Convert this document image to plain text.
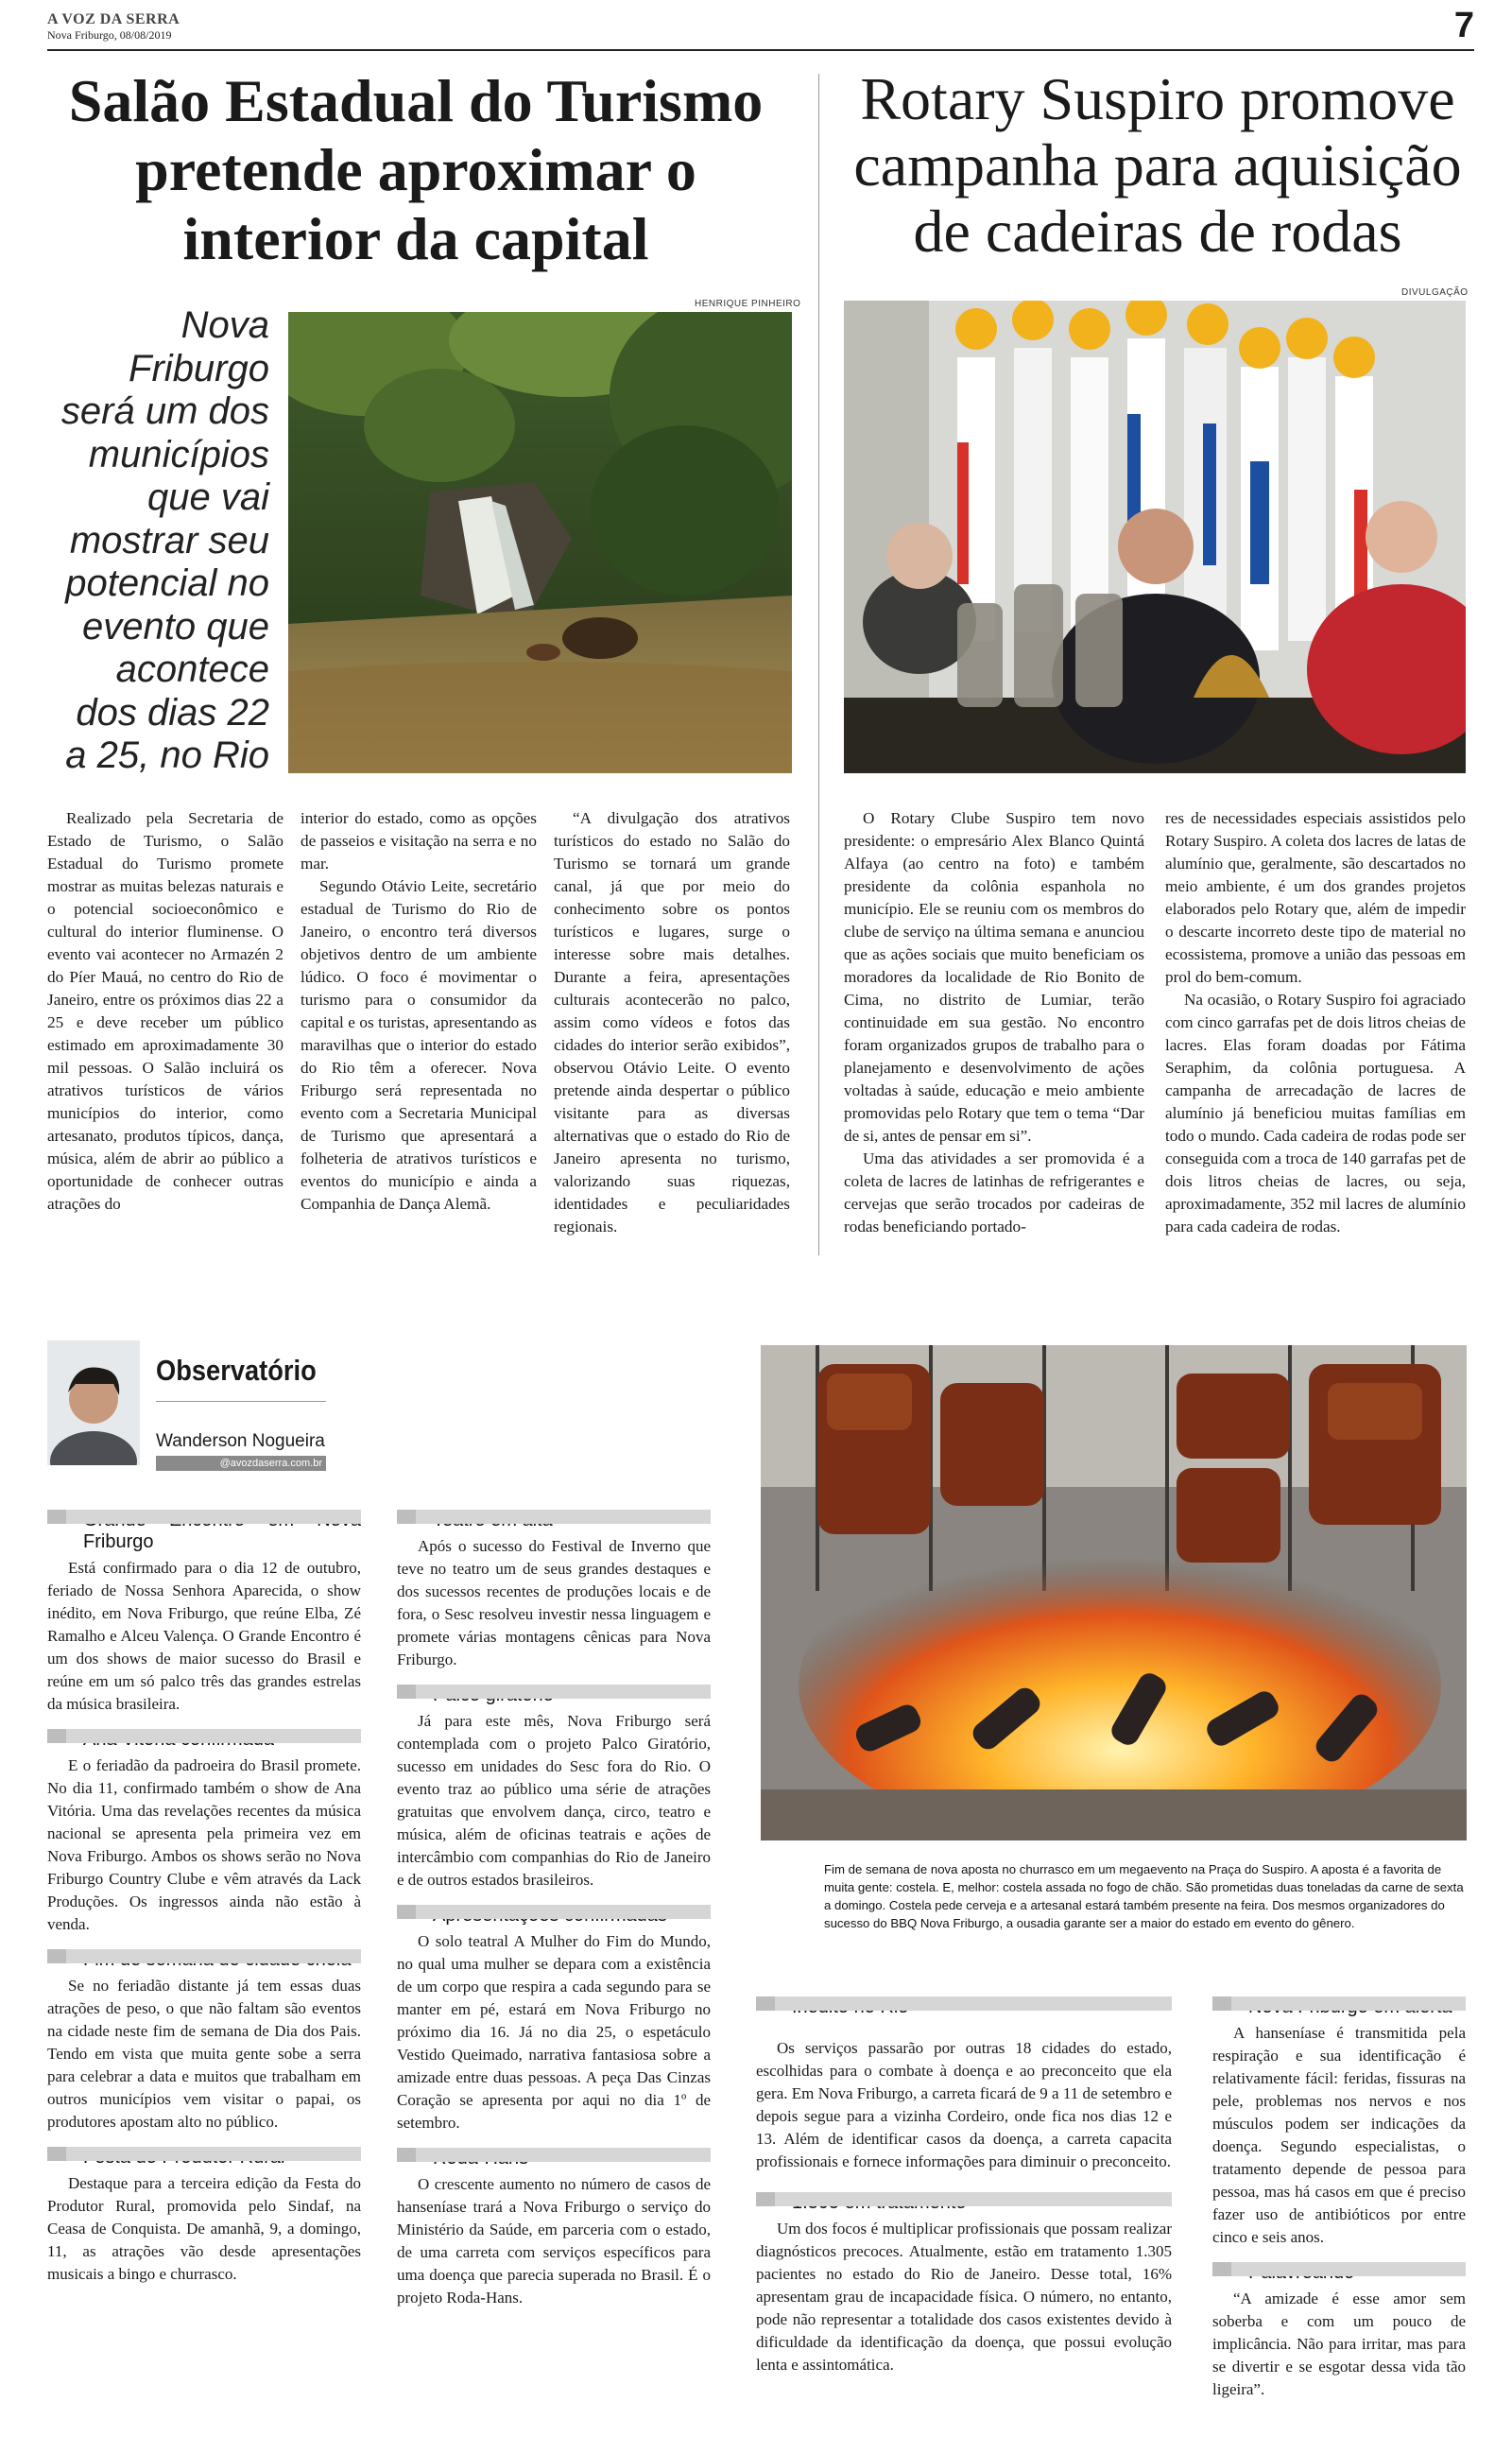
A VOZ DA SERRA
Nova Friburgo, 08/08/2019	7
Salão Estadual do Turismo pretende aproximar o interior da capital
Nova Friburgo será um dos municípios que vai mostrar seu potencial no evento que acontece dos dias 22 a 25, no Rio
HENRIQUE PINHEIRO

Realizado pela Secretaria de Estado de Turismo, o Salão Estadual do Turismo promete mostrar as muitas belezas naturais e o potencial socioeconômico e cultural do interior fluminense. O evento vai acontecer no Armazén 2 do Píer Mauá, no centro do Rio de Janeiro, entre os próximos dias 22 a 25 e deve receber um público estimado em aproximadamente 30 mil pessoas. O Salão incluirá os atrativos turísticos de vários municípios do interior, como artesanato, produtos típicos, dança, música, além de abrir ao público a oportunidade de conhecer outras atrações do

interior do estado, como as opções de passeios e visitação na serra e no mar.

Segundo Otávio Leite, secretário estadual de Turismo do Rio de Janeiro, o encontro terá diversos objetivos dentro de um ambiente lúdico. O foco é movimentar o turismo para o consumidor da capital e os turistas, apresentando as maravilhas que o interior do estado do Rio têm a oferecer. Nova Friburgo será representada no evento com a Secretaria Municipal de Turismo que apresentará a folheteria de atrativos turísticos e eventos do município e ainda a Companhia de Dança Alemã.

“A divulgação dos atrativos turísticos do estado no Salão do Turismo se tornará um grande canal, já que por meio do conhecimento sobre os pontos turísticos e lugares, surge o interesse sobre mais detalhes. Durante a feira, apresentações culturais acontecerão no palco, assim como vídeos e fotos das cidades do interior serão exibidos”, observou Otávio Leite. O evento pretende ainda despertar o público visitante para as diversas alternativas que o estado do Rio de Janeiro apresenta no turismo, valorizando suas riquezas, identidades e peculiaridades regionais.

Rotary Suspiro promove campanha para aquisição de cadeiras de rodas
DIVULGAÇÃO

O Rotary Clube Suspiro tem novo presidente: o empresário Alex Blanco Quintá Alfaya (ao centro na foto) e também presidente da colônia espanhola no município. Ele se reuniu com os membros do clube de serviço na última semana e anunciou que as ações sociais que muito beneficiam os moradores da localidade de Rio Bonito de Cima, no distrito de Lumiar, terão continuidade em sua gestão. No encontro foram organizados grupos de trabalho para o planejamento e desenvolvimento de ações voltadas à saúde, educação e meio ambiente promovidas pelo Rotary que tem o tema “Dar de si, antes de pensar em si”.

Uma das atividades a ser promovida é a coleta de lacres de latinhas de refrigerantes e cervejas que serão trocados por cadeiras de rodas beneficiando portado-

res de necessidades especiais assistidos pelo Rotary Suspiro. A coleta dos lacres de latas de alumínio que, geralmente, são descartados no meio ambiente, é um dos grandes projetos elaborados pelo Rotary que, além de impedir o descarte incorreto deste tipo de material no ecossistema, promove a união das pessoas em prol do bem-comum.

Na ocasião, o Rotary Suspiro foi agraciado com cinco garrafas pet de dois litros cheias de lacres. Elas foram doadas por Fátima Seraphim, da colônia portuguesa. A campanha de arrecadação de lacres de alumínio já beneficiou muitas famílias em todo o mundo. Cada cadeira de rodas pode ser conseguida com a troca de 140 garrafas pet de dois litros cheias de lacres, ou seja, aproximadamente, 352 mil lacres de alumínio para cada cadeira de rodas.

Observatório
Wanderson Nogueira
@avozdaserra.com.br
Friburgo

Está confirmado para o dia 12 de outubro, feriado de Nossa Senhora Aparecida, o show inédito, em Nova Friburgo, que reúne Elba, Zé Ramalho e Alceu Valença. O Grande Encontro é um dos shows de maior sucesso do Brasil e reúne em um só palco três das grandes estrelas da música brasileira.

E o feriadão da padroeira do Brasil promete. No dia 11, confirmado também o show de Ana Vitória. Uma das revelações recentes da música nacional se apresenta pela primeira vez em Nova Friburgo. Ambos os shows serão no Nova Friburgo Country Clube e vêm através da Lack Produções. Os ingressos ainda não estão à venda.

Se no feriadão distante já tem essas duas atrações de peso, o que não faltam são eventos na cidade neste fim de semana de Dia dos Pais. Tendo em vista que muita gente sobe a serra para celebrar a data e muitos que trabalham em outros municípios vem visitar o papai, os produtores apostam alto no público.

Destaque para a terceira edição da Festa do Produtor Rural, promovida pelo Sindaf, na Ceasa de Conquista. De amanhã, 9, a domingo, 11, as atrações vão desde apresentações musicais a bingo e churrasco.

Após o sucesso do Festival de Inverno que teve no teatro um de seus grandes destaques e dos sucessos recentes de produções locais e de fora, o Sesc resolveu investir nessa linguagem e promete várias montagens cênicas para Nova Friburgo.

Já para este mês, Nova Friburgo será contemplada com o projeto Palco Giratório, sucesso em unidades do Sesc fora do Rio. O evento traz ao público uma série de atrações gratuitas que envolvem dança, circo, teatro e música, além de oficinas teatrais e ações de intercâmbio com companhias do Rio de Janeiro e de outros estados brasileiros.

O solo teatral A Mulher do Fim do Mundo, no qual uma mulher se depara com a existência de um corpo que respira a cada segundo para se manter em pé, estará em Nova Friburgo no próximo dia 16. Já no dia 25, o espetáculo Vestido Queimado, narrativa fantasiosa sobre a amizade entre duas pessoas. A peça Das Cinzas Coração se apresenta por aqui no dia 1º de setembro.

O crescente aumento no número de casos de hanseníase trará a Nova Friburgo o serviço do Ministério da Saúde, em parceria com o estado, de uma carreta com serviços específicos para uma doença que parecia superada no Brasil. É o projeto Roda-Hans.

Fim de semana de nova aposta no churrasco em um megaevento na Praça do Suspiro. A aposta é a favorita de muita gente: costela. E, melhor: costela assada no fogo de chão. São prometidas duas toneladas da carne de sexta a domingo. Costela pede cerveja e a artesanal estará também presente na feira. Dos mesmos organizadores do sucesso do BBQ Nova Friburgo, a ousadia garante ser a maior do estado em evento do gênero.

Os serviços passarão por outras 18 cidades do estado, escolhidas para o combate à doença e ao preconceito que ela gera. Em Nova Friburgo, a carreta ficará de 9 a 11 de setembro e depois segue para a vizinha Cordeiro, onde fica nos dias 12 e 13. Além de identificar casos da doença, a carreta capacita profissionais e fornece informações para diminuir o preconceito.

Um dos focos é multiplicar profissionais que possam realizar diagnósticos precoces. Atualmente, estão em tratamento 1.305 pacientes no estado do Rio de Janeiro. Desse total, 16% apresentam grau de incapacidade física. O número, no entanto, pode não representar a totalidade dos casos existentes devido à dificuldade da identificação da doença, que possui evolução lenta e assintomática.

A hanseníase é transmitida pela respiração e sua identificação é relativamente fácil: feridas, fissuras na pele, problemas nos nervos e nos músculos podem ser indicações da doença. Segundo especialistas, o tratamento depende de pessoa para pessoa, mas há casos em que é preciso fazer uso de antibióticos por entre cinco e seis anos.

“A amizade é esse amor sem soberba e com um pouco de implicância. Não para irritar, mas para se divertir e se esgotar dessa vida tão ligeira”.
